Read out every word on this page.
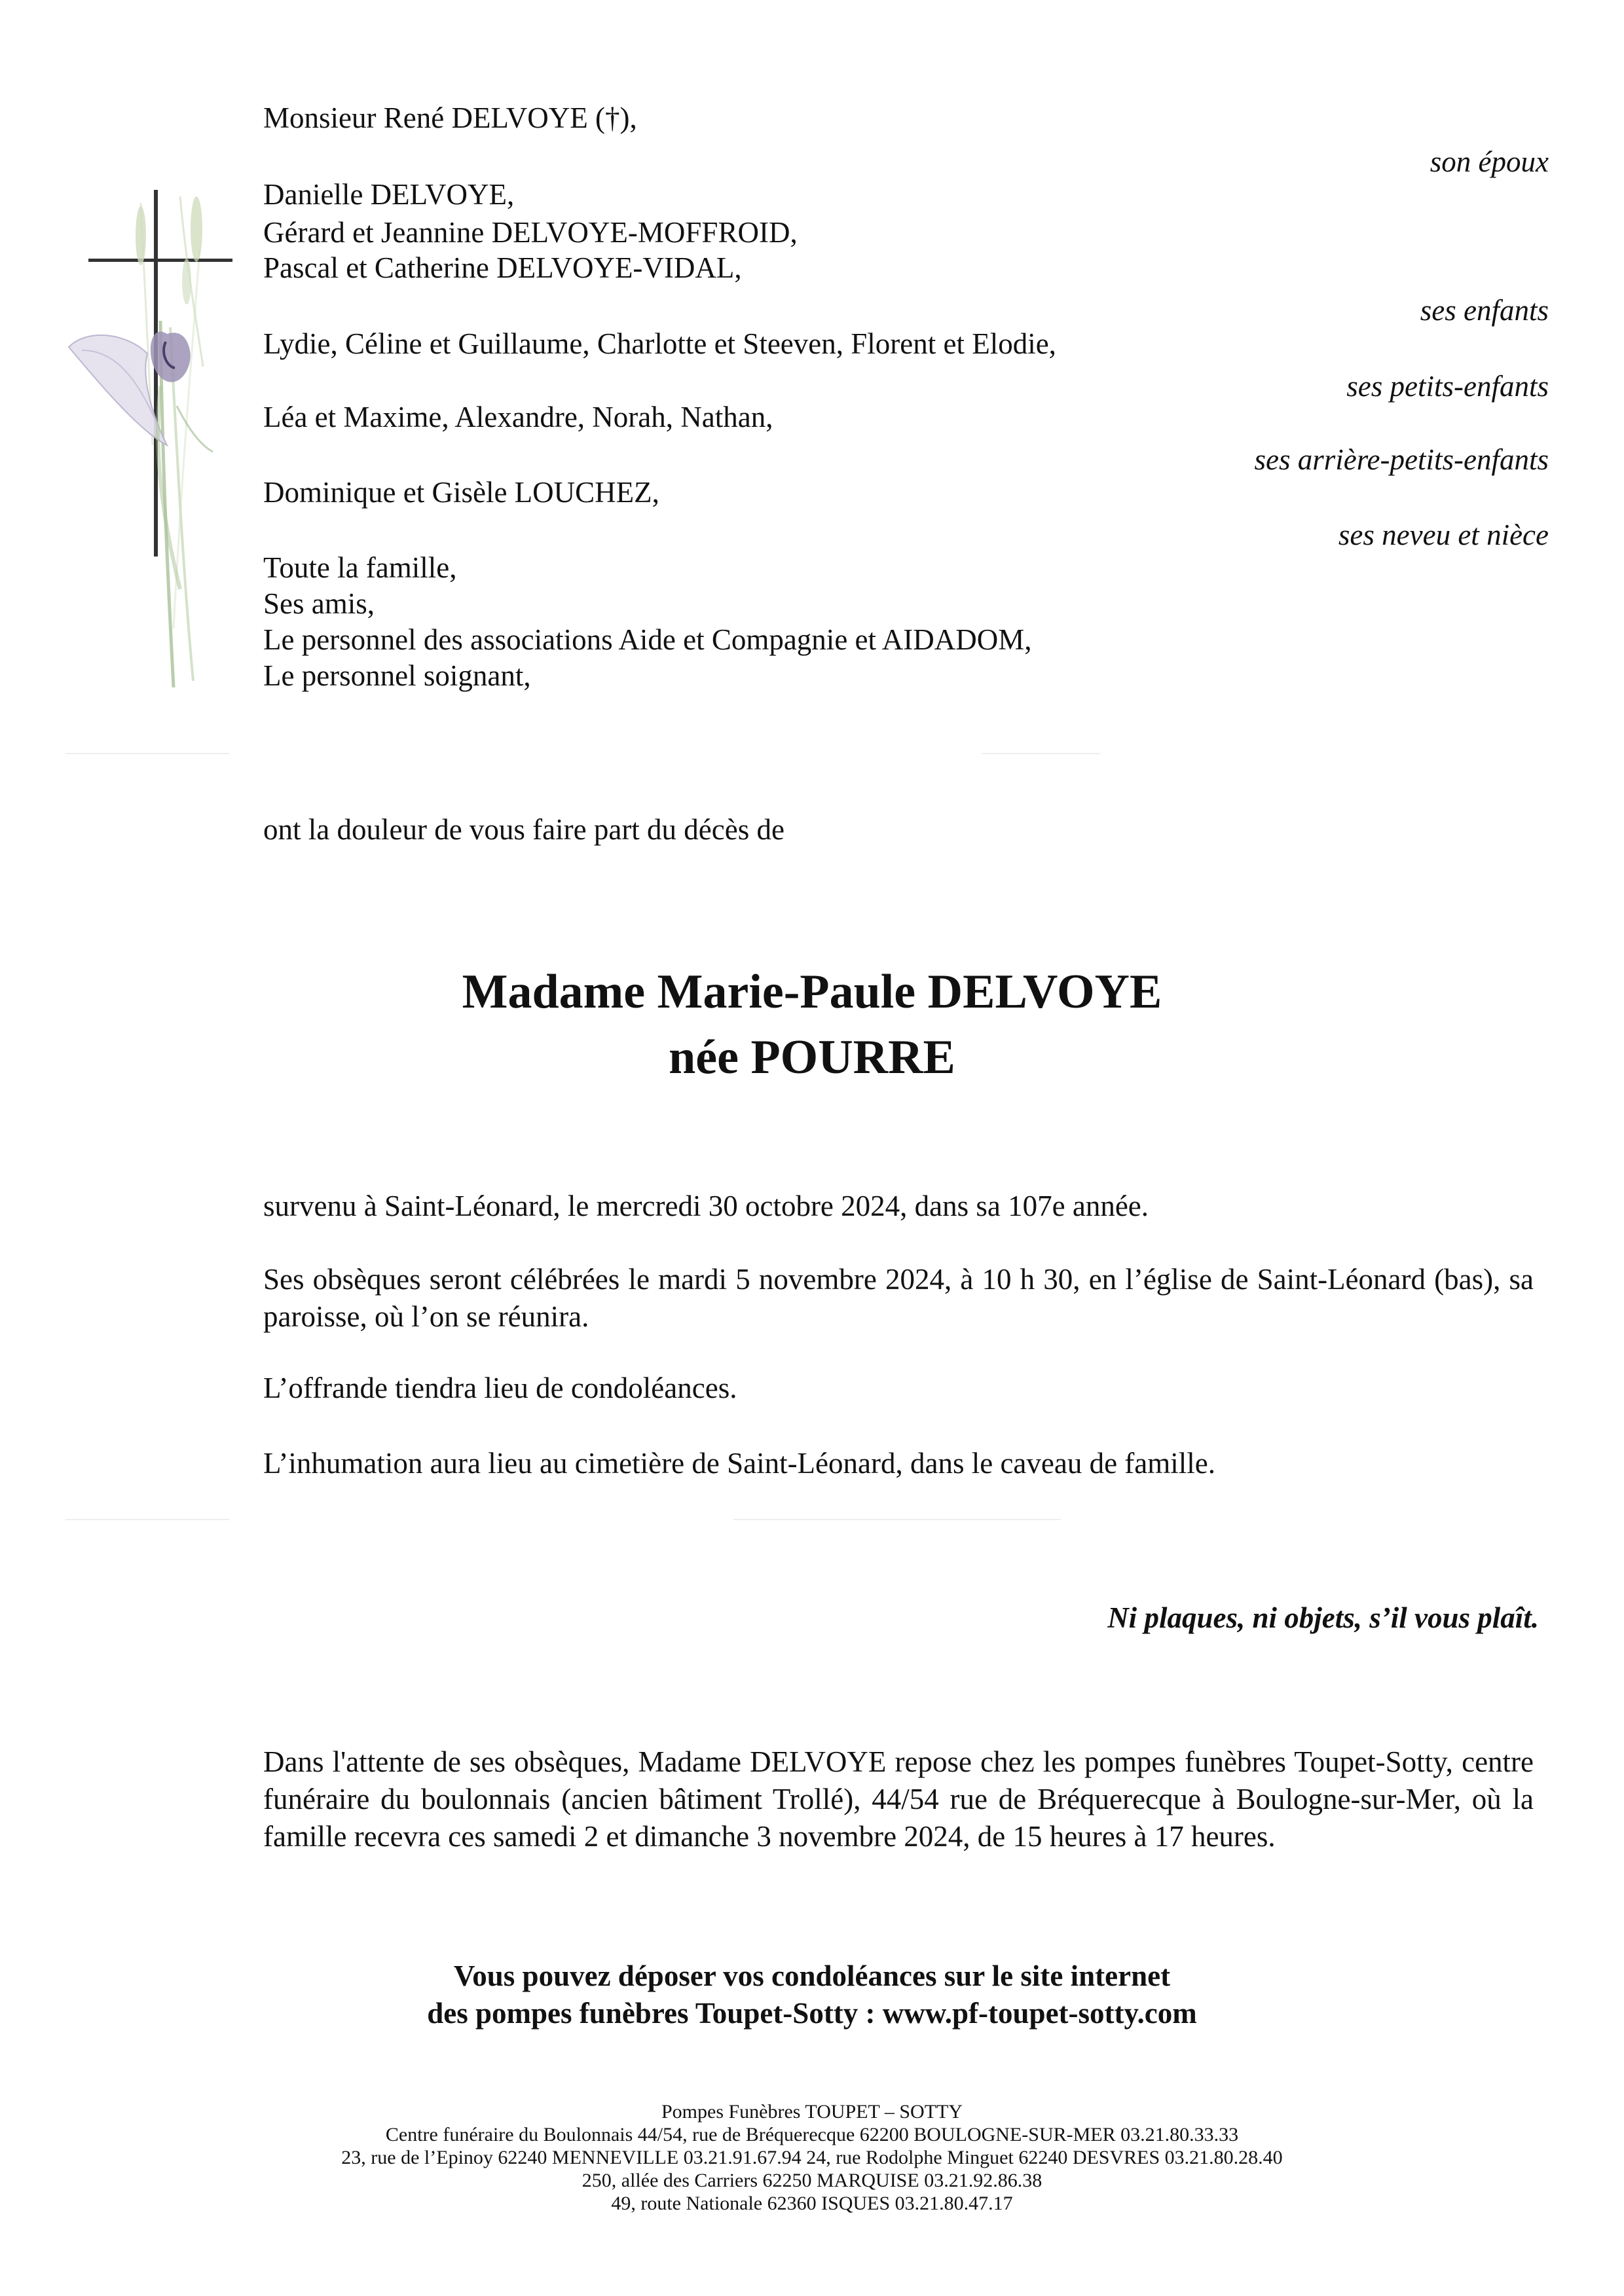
Monsieur René DELVOYE (†),
son époux
Danielle DELVOYE,
Gérard et Jeannine DELVOYE-MOFFROID,
Pascal et Catherine DELVOYE-VIDAL,
ses enfants
Lydie, Céline et Guillaume, Charlotte et Steeven, Florent et Elodie,
ses petits-enfants
Léa et Maxime, Alexandre, Norah, Nathan,
ses arrière-petits-enfants
Dominique et Gisèle LOUCHEZ,
ses neveu et nièce
Toute la famille,
Ses amis,
Le personnel des associations Aide et Compagnie et AIDADOM,
Le personnel soignant,
ont la douleur de vous faire part du décès de
Madame Marie-Paule DELVOYE
née POURRE
survenu à Saint-Léonard, le mercredi 30 octobre 2024, dans sa 107e année.
Ses obsèques seront célébrées le mardi 5 novembre 2024, à 10 h 30, en l’église de Saint-Léonard (bas), sa paroisse, où l’on se réunira.
L’offrande tiendra lieu de condoléances.
L’inhumation aura lieu au cimetière de Saint-Léonard, dans le caveau de famille.
Ni plaques, ni objets, s’il vous plaît.
Dans l'attente de ses obsèques, Madame DELVOYE repose chez les pompes funèbres Toupet-Sotty, centre funéraire du boulonnais (ancien bâtiment Trollé), 44/54 rue de Bréquerecque à Boulogne-sur-Mer, où la famille recevra ces samedi 2 et dimanche 3 novembre 2024, de 15 heures à 17 heures.
Vous pouvez déposer vos condoléances sur le site internet
des pompes funèbres Toupet-Sotty : www.pf-toupet-sotty.com
Pompes Funèbres TOUPET – SOTTY
Centre funéraire du Boulonnais 44/54, rue de Bréquerecque 62200 BOULOGNE-SUR-MER 03.21.80.33.33
23, rue de l’Epinoy 62240 MENNEVILLE 03.21.91.67.94 24, rue Rodolphe Minguet 62240 DESVRES 03.21.80.28.40
250, allée des Carriers 62250 MARQUISE 03.21.92.86.38
49, route Nationale 62360 ISQUES 03.21.80.47.17
